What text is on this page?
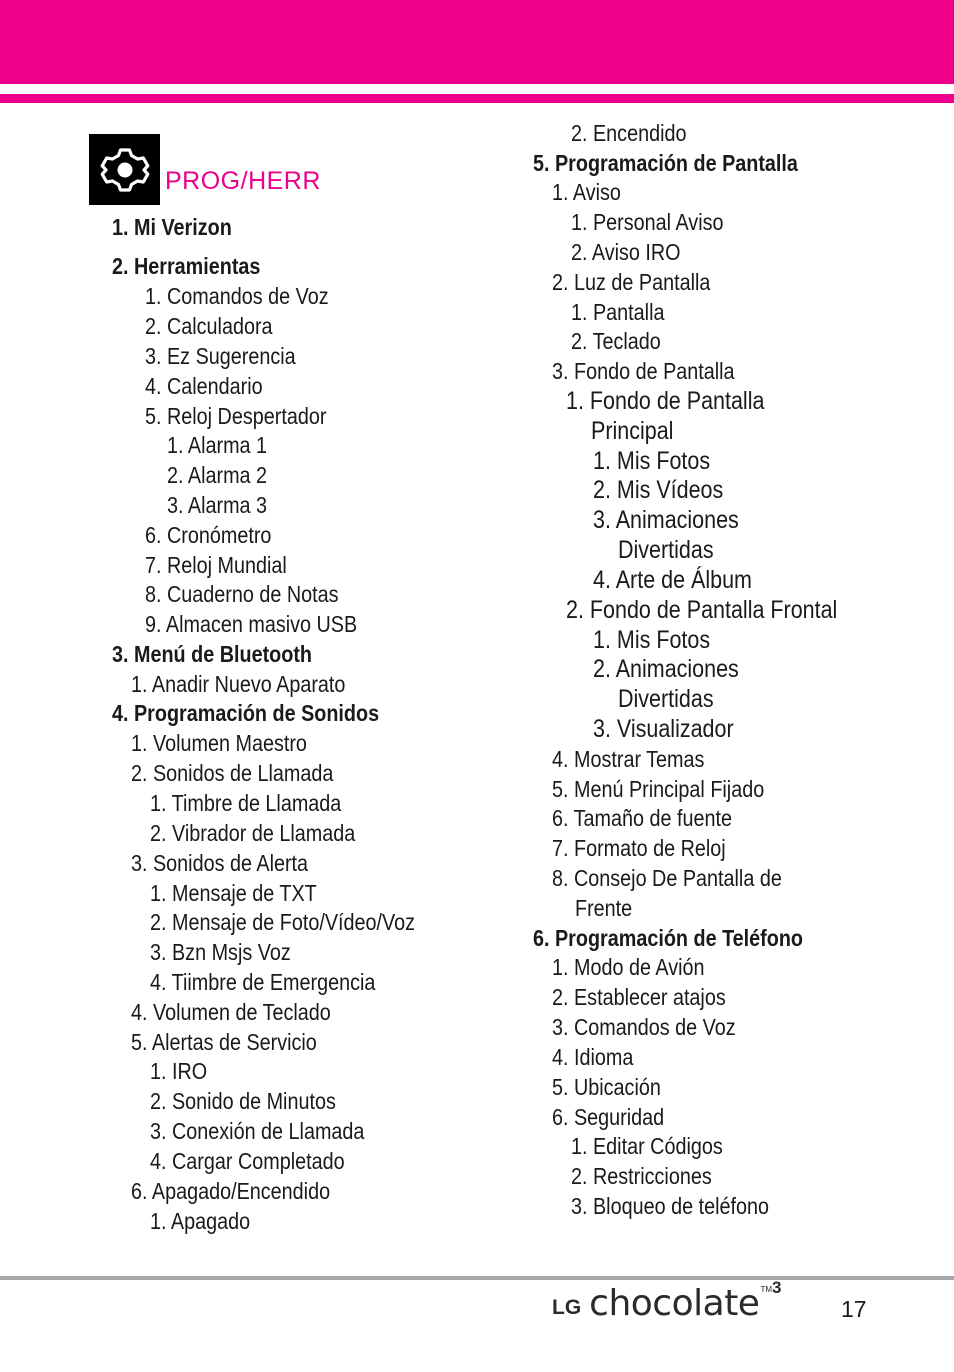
PROG/HERR
1. Mi Verizon
2. Herramientas
1. Comandos de Voz
2. Calculadora
3. Ez Sugerencia
4. Calendario
5. Reloj Despertador
1. Alarma 1
2. Alarma 2
3. Alarma 3
6. Cronómetro
7. Reloj Mundial
8. Cuaderno de Notas
9. Almacen masivo USB
3. Menú de Bluetooth
1. Anadir Nuevo Aparato
4. Programación de Sonidos
1. Volumen Maestro
2. Sonidos de Llamada
1. Timbre de Llamada
2. Vibrador de Llamada
3. Sonidos de Alerta
1. Mensaje de TXT
2. Mensaje de Foto/Vídeo/Voz
3. Bzn Msjs Voz
4. Tiimbre de Emergencia
4. Volumen de Teclado
5. Alertas de Servicio
1. IRO
2. Sonido de Minutos
3. Conexión de Llamada
4. Cargar Completado
6. Apagado/Encendido
1. Apagado
2. Encendido
5. Programación de Pantalla
1. Aviso
1. Personal Aviso
2. Aviso IRO
2. Luz de Pantalla
1. Pantalla
2. Teclado
3. Fondo de Pantalla
1. Fondo de Pantalla
Principal
1. Mis Fotos
2. Mis Vídeos
3. Animaciones
Divertidas
4. Arte de Álbum
2. Fondo de Pantalla Frontal
1. Mis Fotos
2. Animaciones
Divertidas
3. Visualizador
4. Mostrar Temas
5. Menú Principal Fijado
6. Tamaño de fuente
7. Formato de Reloj
8. Consejo De Pantalla de
Frente
6. Programación de Teléfono
1. Modo de Avión
2. Establecer atajos
3. Comandos de Voz
4. Idioma
5. Ubicación
6. Seguridad
1. Editar Códigos
2. Restricciones
3. Bloqueo de teléfono
LG chocolate TM 3
17
